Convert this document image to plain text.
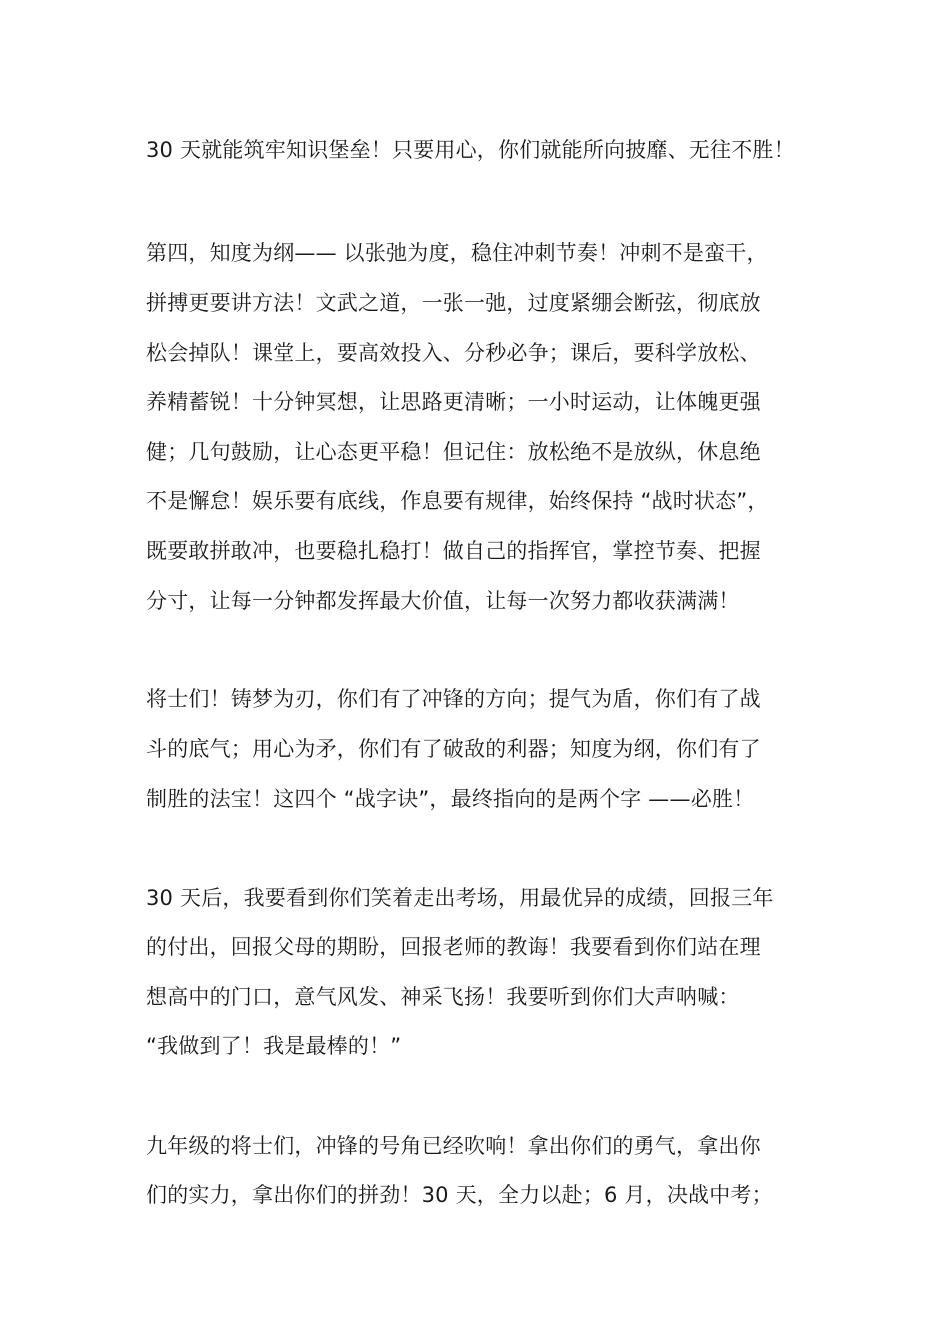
30 天就能筑牢知识堡垒！只要用心，你们就能所向披靡、无往不胜！
第四，知度为纲—— 以张弛为度，稳住冲刺节奏！冲刺不是蛮干，
拼搏更要讲方法！文武之道，一张一弛，过度紧绷会断弦，彻底放
松会掉队！课堂上，要高效投入、分秒必争；课后，要科学放松、
养精蓄锐！十分钟冥想，让思路更清晰；一小时运动，让体魄更强
健；几句鼓励，让心态更平稳！但记住：放松绝不是放纵，休息绝
不是懈怠！娱乐要有底线，作息要有规律，始终保持 “战时状态”，
既要敢拼敢冲，也要稳扎稳打！做自己的指挥官，掌控节奏、把握
分寸，让每一分钟都发挥最大价值，让每一次努力都收获满满！
将士们！铸梦为刃，你们有了冲锋的方向；提气为盾，你们有了战
斗的底气；用心为矛，你们有了破敌的利器；知度为纲，你们有了
制胜的法宝！这四个 “战字诀”，最终指向的是两个字 ——必胜！
30 天后，我要看到你们笑着走出考场，用最优异的成绩，回报三年
的付出，回报父母的期盼，回报老师的教诲！我要看到你们站在理
想高中的门口，意气风发、神采飞扬！我要听到你们大声呐喊：
“我做到了！我是最棒的！”
九年级的将士们，冲锋的号角已经吹响！拿出你们的勇气，拿出你
们的实力，拿出你们的拼劲！30 天，全力以赴；6 月，决战中考；
